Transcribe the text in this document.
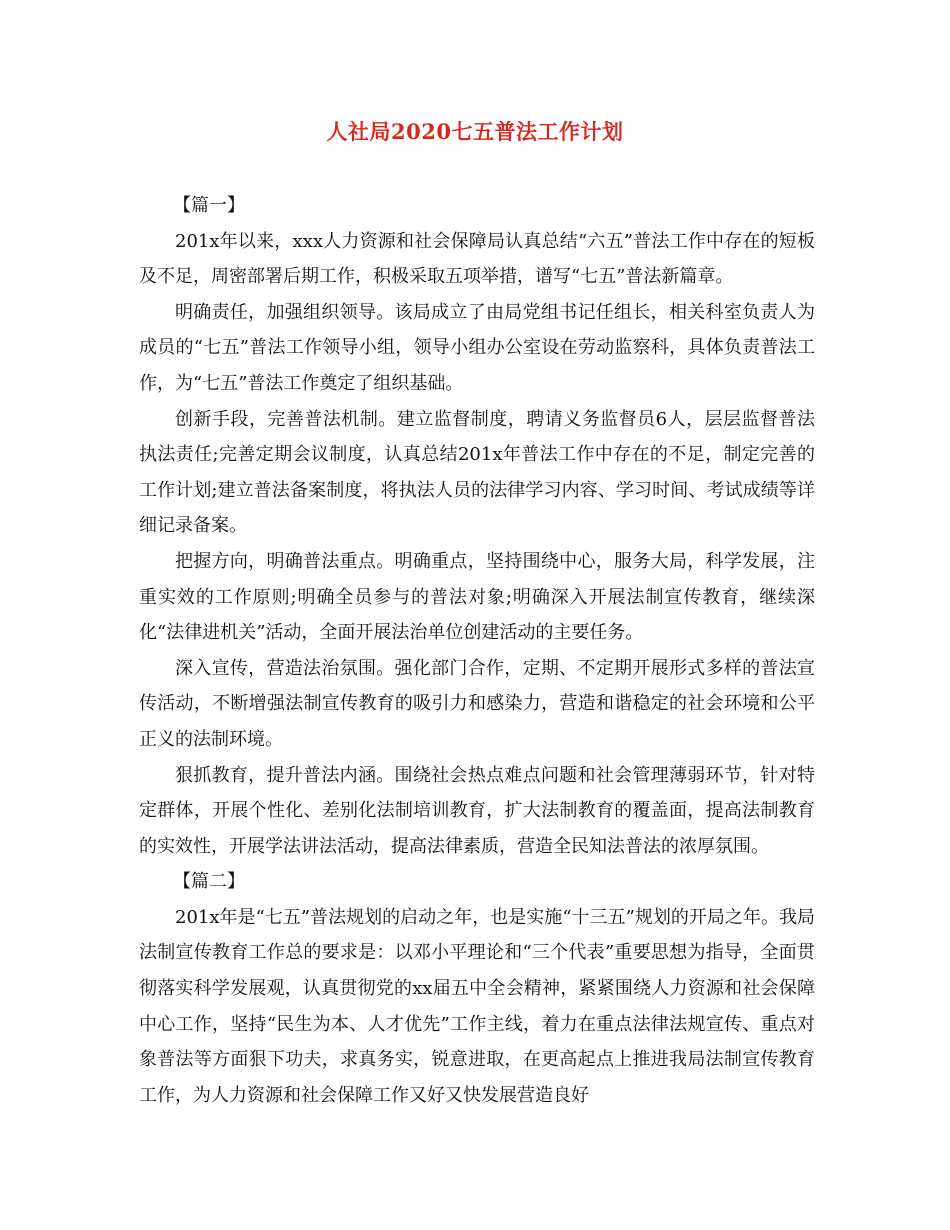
人社局2020七五普法工作计划

【篇一】

201x年以来，xxx人力资源和社会保障局认真总结“六五”普法工作中存在的短板及不足，周密部署后期工作，积极采取五项举措，谱写“七五”普法新篇章。

明确责任，加强组织领导。该局成立了由局党组书记任组长，相关科室负责人为成员的“七五”普法工作领导小组，领导小组办公室设在劳动监察科，具体负责普法工作，为“七五”普法工作奠定了组织基础。

创新手段，完善普法机制。建立监督制度，聘请义务监督员6人，层层监督普法执法责任;完善定期会议制度，认真总结201x年普法工作中存在的不足，制定完善的工作计划;建立普法备案制度，将执法人员的法律学习内容、学习时间、考试成绩等详细记录备案。

把握方向，明确普法重点。明确重点，坚持围绕中心，服务大局，科学发展，注重实效的工作原则;明确全员参与的普法对象;明确深入开展法制宣传教育，继续深化“法律进机关”活动，全面开展法治单位创建活动的主要任务。

深入宣传，营造法治氛围。强化部门合作，定期、不定期开展形式多样的普法宣传活动，不断增强法制宣传教育的吸引力和感染力，营造和谐稳定的社会环境和公平正义的法制环境。

狠抓教育，提升普法内涵。围绕社会热点难点问题和社会管理薄弱环节，针对特定群体，开展个性化、差别化法制培训教育，扩大法制教育的覆盖面，提高法制教育的实效性，开展学法讲法活动，提高法律素质，营造全民知法普法的浓厚氛围。

【篇二】

201x年是“七五”普法规划的启动之年，也是实施“十三五”规划的开局之年。我局法制宣传教育工作总的要求是：以邓小平理论和“三个代表”重要思想为指导，全面贯彻落实科学发展观，认真贯彻党的xx届五中全会精神，紧紧围绕人力资源和社会保障中心工作，坚持“民生为本、人才优先”工作主线，着力在重点法律法规宣传、重点对象普法等方面狠下功夫，求真务实，锐意进取，在更高起点上推进我局法制宣传教育工作，为人力资源和社会保障工作又好又快发展营造良好
